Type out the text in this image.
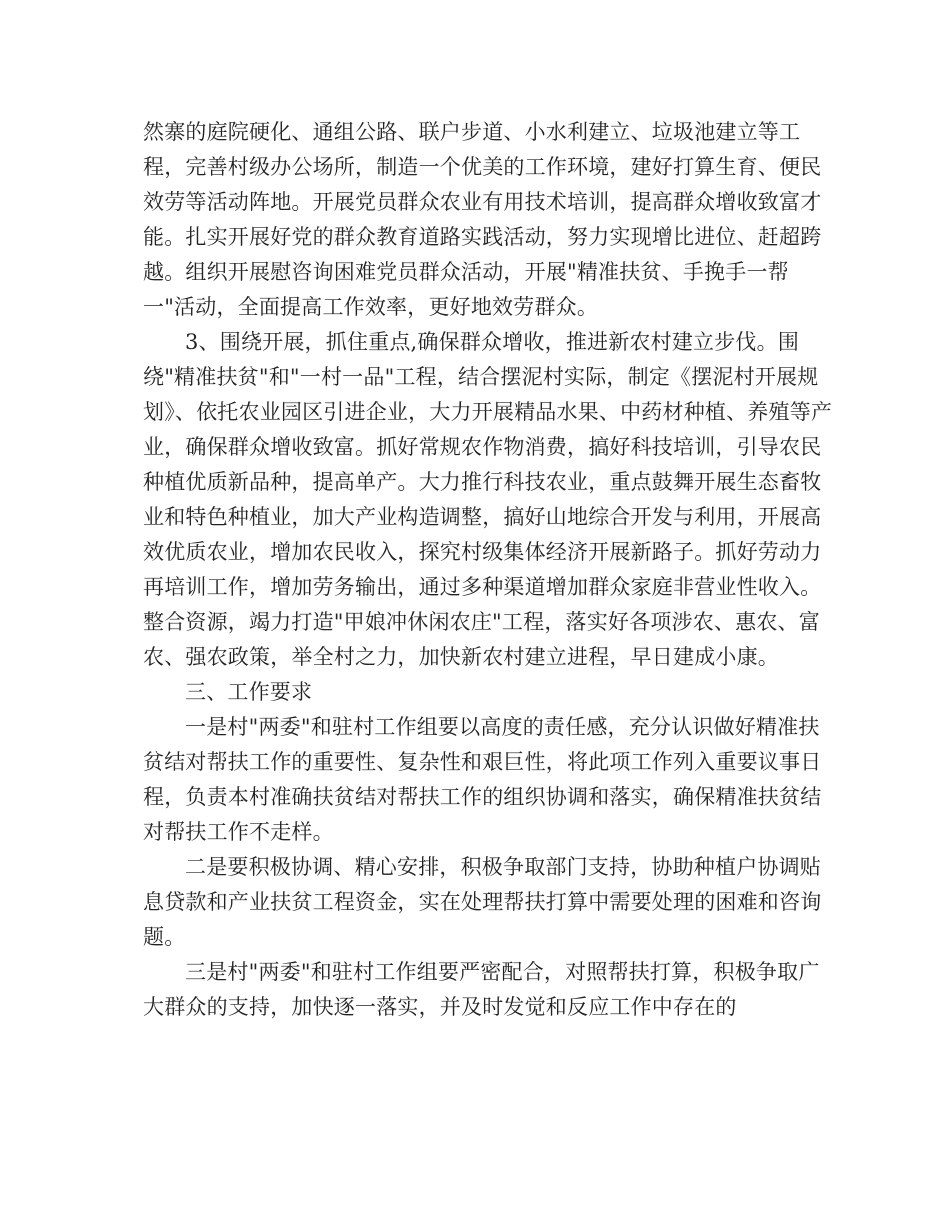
然寨的庭院硬化、通组公路、联户步道、小水利建立、垃圾池建立等工程，完善村级办公场所，制造一个优美的工作环境，建好打算生育、便民效劳等活动阵地。开展党员群众农业有用技术培训，提高群众增收致富才能。扎实开展好党的群众教育道路实践活动，努力实现增比进位、赶超跨越。组织开展慰咨询困难党员群众活动，开展"精准扶贫、手挽手一帮一"活动，全面提高工作效率，更好地效劳群众。

3、围绕开展，抓住重点,确保群众增收，推进新农村建立步伐。围绕"精准扶贫"和"一村一品"工程，结合摆泥村实际，制定《摆泥村开展规划》、依托农业园区引进企业，大力开展精品水果、中药材种植、养殖等产业，确保群众增收致富。抓好常规农作物消费，搞好科技培训，引导农民种植优质新品种，提高单产。大力推行科技农业，重点鼓舞开展生态畜牧业和特色种植业，加大产业构造调整，搞好山地综合开发与利用，开展高效优质农业，增加农民收入，探究村级集体经济开展新路子。抓好劳动力再培训工作，增加劳务输出，通过多种渠道增加群众家庭非营业性收入。整合资源，竭力打造"甲娘冲休闲农庄"工程，落实好各项涉农、惠农、富农、强农政策，举全村之力，加快新农村建立进程，早日建成小康。

三、工作要求

一是村"两委"和驻村工作组要以高度的责任感，充分认识做好精准扶贫结对帮扶工作的重要性、复杂性和艰巨性，将此项工作列入重要议事日程，负责本村准确扶贫结对帮扶工作的组织协调和落实，确保精准扶贫结对帮扶工作不走样。

二是要积极协调、精心安排，积极争取部门支持，协助种植户协调贴息贷款和产业扶贫工程资金，实在处理帮扶打算中需要处理的困难和咨询题。

三是村"两委"和驻村工作组要严密配合，对照帮扶打算，积极争取广大群众的支持，加快逐一落实，并及时发觉和反应工作中存在的
